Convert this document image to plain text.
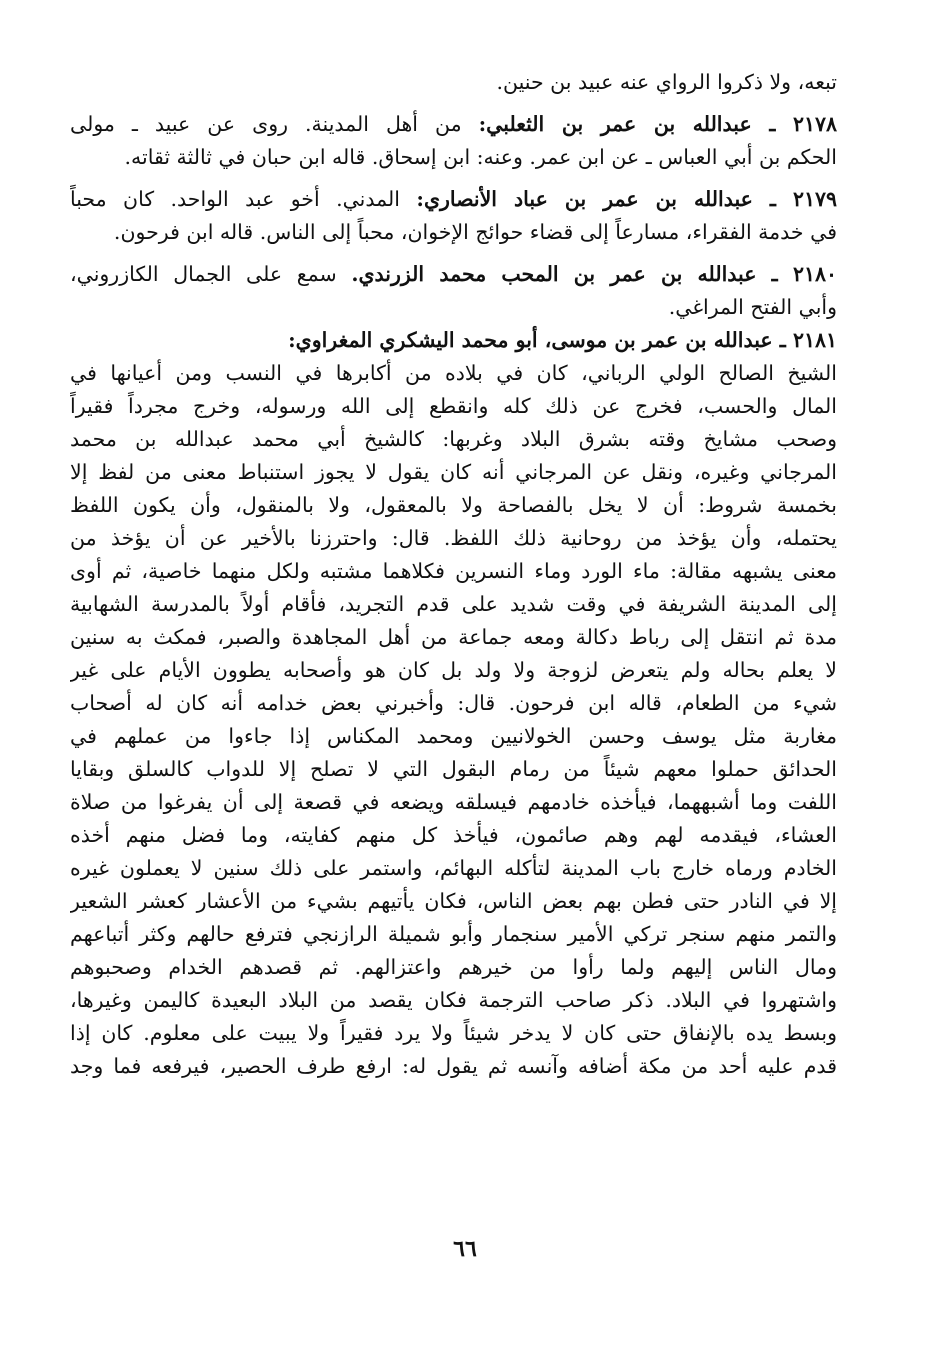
تبعه، ولا ذكروا الرواي عنه عبيد بن حنين.
٢١٧٨ ـ عبدالله بن عمر بن الثعلبي: من أهل المدينة. روى عن عبيد ـ مولى
الحكم بن أبي العباس ـ عن ابن عمر. وعنه: ابن إسحاق. قاله ابن حبان في ثالثة ثقاته.
٢١٧٩ ـ عبدالله بن عمر بن عباد الأنصاري: المدني. أخو عبد الواحد. كان محباً
في خدمة الفقراء، مسارعاً إلى قضاء حوائج الإخوان، محباً إلى الناس. قاله ابن فرحون.
٢١٨٠ ـ عبدالله بن عمر بن المحب محمد الزرندي. سمع على الجمال الكازروني،
وأبي الفتح المراغي.
٢١٨١ ـ عبدالله بن عمر بن موسى، أبو محمد اليشكري المغراوي:
الشيخ الصالح الولي الرباني، كان في بلاده من أكابرها في النسب ومن أعيانها في
المال والحسب، فخرج عن ذلك كله وانقطع إلى الله ورسوله، وخرج مجرداً فقيراً
وصحب مشايخ وقته بشرق البلاد وغربها: كالشيخ أبي محمد عبدالله بن محمد
المرجاني وغيره، ونقل عن المرجاني أنه كان يقول لا يجوز استنباط معنى من لفظ إلا
بخمسة شروط: أن لا يخل بالفصاحة ولا بالمعقول، ولا بالمنقول، وأن يكون اللفظ
يحتمله، وأن يؤخذ من روحانية ذلك اللفظ. قال: واحترزنا بالأخير عن أن يؤخذ من
معنى يشبهه مقالة: ماء الورد وماء النسرين فكلاهما مشتبه ولكل منهما خاصية، ثم أوى
إلى المدينة الشريفة في وقت شديد على قدم التجريد، فأقام أولاً بالمدرسة الشهابية
مدة ثم انتقل إلى رباط دكالة ومعه جماعة من أهل المجاهدة والصبر، فمكث به سنين
لا يعلم بحاله ولم يتعرض لزوجة ولا ولد بل كان هو وأصحابه يطوون الأيام على غير
شيء من الطعام، قاله ابن فرحون. قال: وأخبرني بعض خدامه أنه كان له أصحاب
مغاربة مثل يوسف وحسن الخولانيين ومحمد المكناس إذا جاءوا من عملهم في
الحدائق حملوا معهم شيئاً من رمام البقول التي لا تصلح إلا للدواب كالسلق وبقايا
اللفت وما أشبههما، فيأخذه خادمهم فيسلقه ويضعه في قصعة إلى أن يفرغوا من صلاة
العشاء، فيقدمه لهم وهم صائمون، فيأخذ كل منهم كفايته، وما فضل منهم أخذه
الخادم ورماه خارج باب المدينة لتأكله البهائم، واستمر على ذلك سنين لا يعملون غيره
إلا في النادر حتى فطن بهم بعض الناس، فكان يأتيهم بشيء من الأعشار كعشر الشعير
والتمر منهم سنجر تركي الأمير سنجمار وأبو شميلة الرازنجي فترفع حالهم وكثر أتباعهم
ومال الناس إليهم ولما رأوا من خيرهم واعتزالهم. ثم قصدهم الخدام وصحبوهم
واشتهروا في البلاد. ذكر صاحب الترجمة فكان يقصد من البلاد البعيدة كاليمن وغيرها،
وبسط يده بالإنفاق حتى كان لا يدخر شيئاً ولا يرد فقيراً ولا يبيت على معلوم. كان إذا
قدم عليه أحد من مكة أضافه وآنسه ثم يقول له: ارفع طرف الحصير، فيرفعه فما وجد
٦٦
